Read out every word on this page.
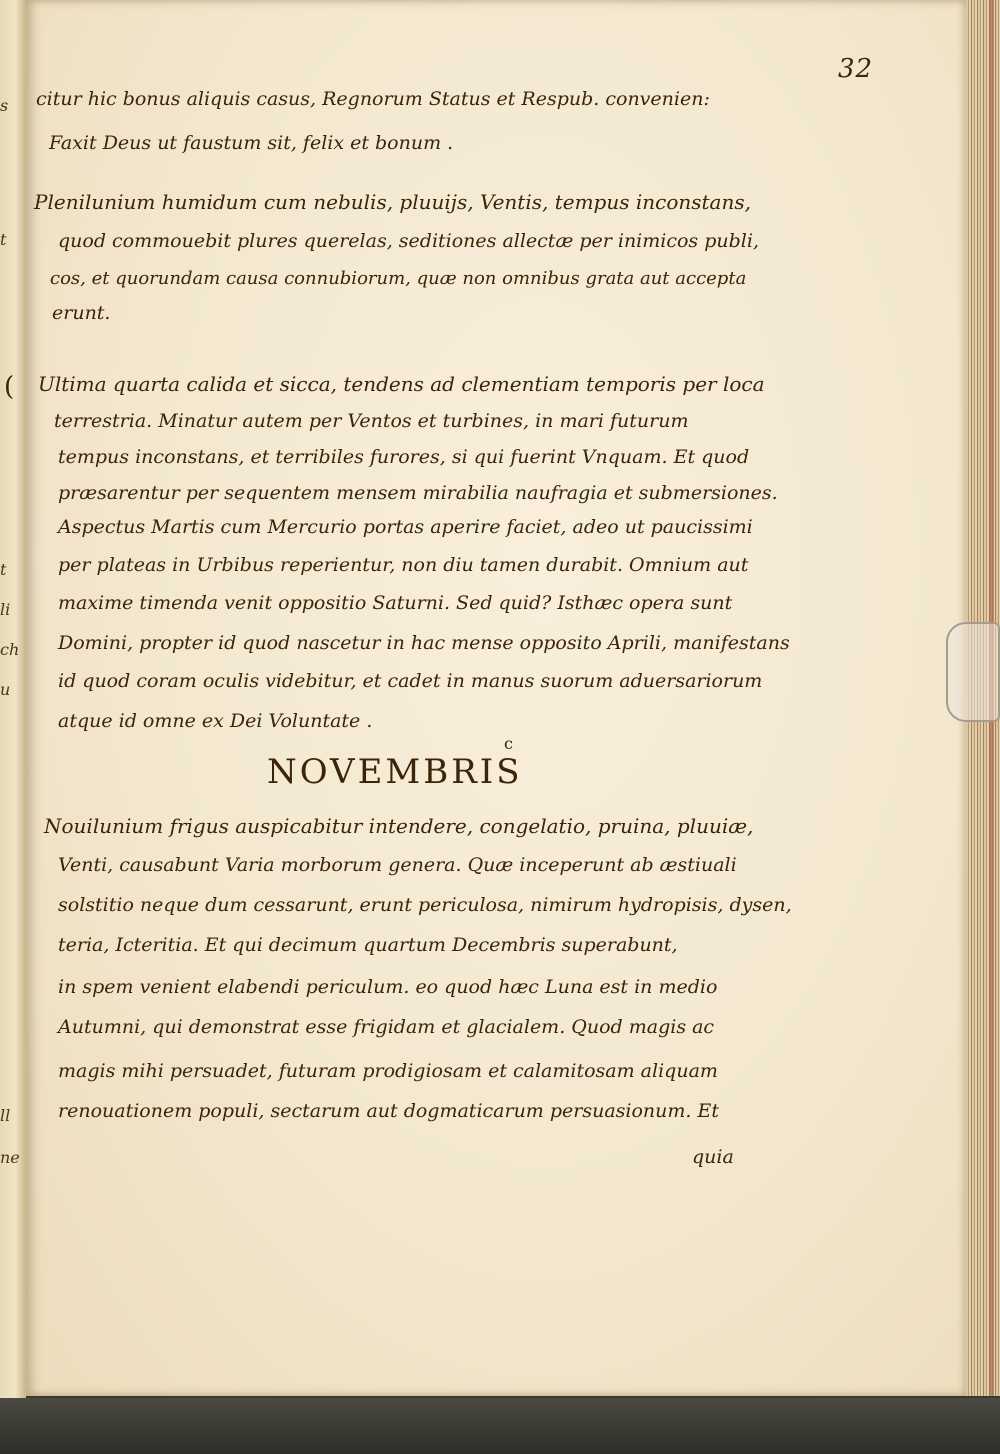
32
citur hic bonus aliquis casus, Regnorum Status et Respub. convenien:
Faxit Deus ut faustum sit, felix et bonum .
Plenilunium humidum cum nebulis, pluuijs, Ventis, tempus inconstans,
quod commouebit plures querelas, seditiones allectæ per inimicos publi,
cos, et quorundam causa connubiorum, quæ non omnibus grata aut accepta
erunt.
Ultima quarta calida et sicca, tendens ad clementiam temporis per loca
terrestria. Minatur autem per Ventos et turbines, in mari futurum
tempus inconstans, et terribiles furores, si qui fuerint Vnquam. Et quod
præsarentur per sequentem mensem mirabilia naufragia et submersiones.
Aspectus Martis cum Mercurio portas aperire faciet, adeo ut paucissimi
per plateas in Urbibus reperientur, non diu tamen durabit. Omnium aut
maxime timenda venit oppositio Saturni. Sed quid? Isthæc opera sunt
Domini, propter id quod nascetur in hac mense opposito Aprili, manifestans
id quod coram oculis videbitur, et cadet in manus suorum aduersariorum
atque id omne ex Dei Voluntate .
c
NOVEMBRIS
Nouilunium frigus auspicabitur intendere, congelatio, pruina, pluuiæ,
Venti, causabunt Varia morborum genera. Quæ inceperunt ab æstiuali
solstitio neque dum cessarunt, erunt periculosa, nimirum hydropisis, dysen,
teria, Icteritia. Et qui decimum quartum Decembris superabunt,
in spem venient elabendi periculum. eo quod hæc Luna est in medio
Autumni, qui demonstrat esse frigidam et glacialem. Quod magis ac
magis mihi persuadet, futuram prodigiosam et calamitosam aliquam
renouationem populi, sectarum aut dogmaticarum persuasionum. Et
quia
s
t
t
li
ch
u
ll
ne
(
